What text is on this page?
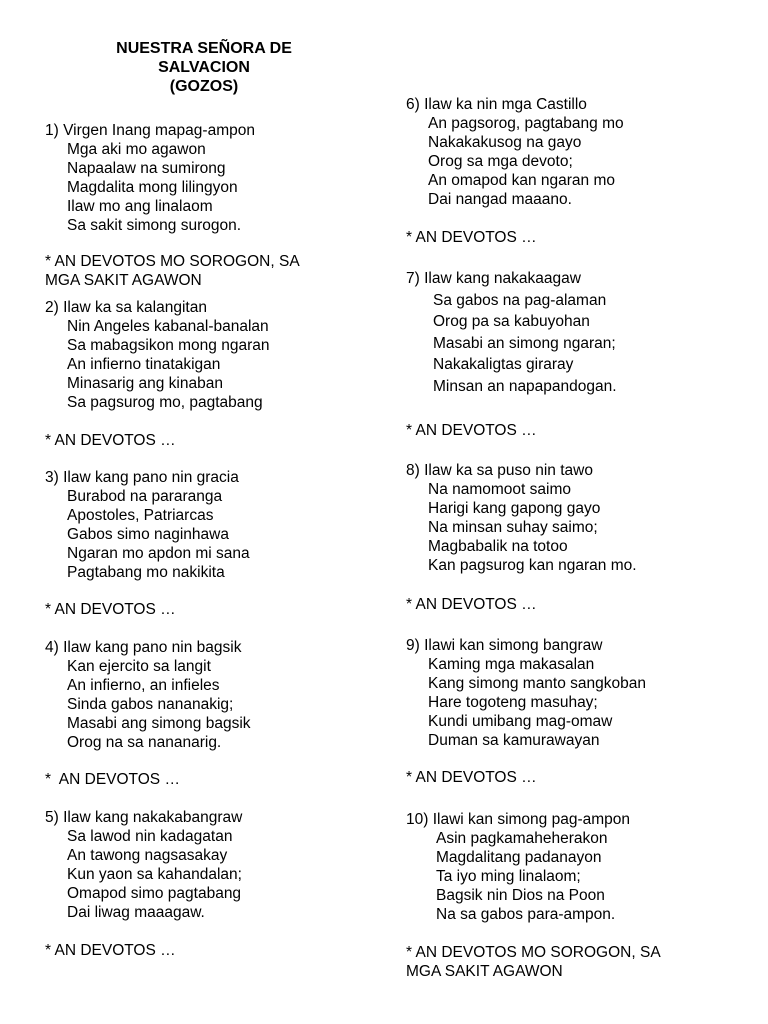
NUESTRA SEÑORA DE
SALVACION
(GOZOS)
1) Virgen Inang mapag-ampon
Mga aki mo agawon
Napaalaw na sumirong
Magdalita mong lilingyon
Ilaw mo ang linalaom
Sa sakit simong surogon.
* AN DEVOTOS MO SOROGON, SA
MGA SAKIT AGAWON
2) Ilaw ka sa kalangitan
Nin Angeles kabanal-banalan
Sa mabagsikon mong ngaran
An infierno tinatakigan
Minasarig ang kinaban
Sa pagsurog mo, pagtabang
* AN DEVOTOS …
3) Ilaw kang pano nin gracia
Burabod na pararanga
Apostoles, Patriarcas
Gabos simo naginhawa
Ngaran mo apdon mi sana
Pagtabang mo nakikita
* AN DEVOTOS …
4) Ilaw kang pano nin bagsik
Kan ejercito sa langit
An infierno, an infieles
Sinda gabos nananakig;
Masabi ang simong bagsik
Orog na sa nananarig.
*  AN DEVOTOS …
5) Ilaw kang nakakabangraw
Sa lawod nin kadagatan
An tawong nagsasakay
Kun yaon sa kahandalan;
Omapod simo pagtabang
Dai liwag maaagaw.
* AN DEVOTOS …
6) Ilaw ka nin mga Castillo
An pagsorog, pagtabang mo
Nakakakusog na gayo
Orog sa mga devoto;
An omapod kan ngaran mo
Dai nangad maaano.
* AN DEVOTOS …
7) Ilaw kang nakakaagaw
Sa gabos na pag-alaman
Orog pa sa kabuyohan
Masabi an simong ngaran;
Nakakaligtas giraray
Minsan an napapandogan.
* AN DEVOTOS …
8) Ilaw ka sa puso nin tawo
Na namomoot saimo
Harigi kang gapong gayo
Na minsan suhay saimo;
Magbabalik na totoo
Kan pagsurog kan ngaran mo.
* AN DEVOTOS …
9) Ilawi kan simong bangraw
Kaming mga makasalan
Kang simong manto sangkoban
Hare togoteng masuhay;
Kundi umibang mag-omaw
Duman sa kamurawayan
* AN DEVOTOS …
10) Ilawi kan simong pag-ampon
Asin pagkamaheherakon
Magdalitang padanayon
Ta iyo ming linalaom;
Bagsik nin Dios na Poon
Na sa gabos para-ampon.
* AN DEVOTOS MO SOROGON, SA
MGA SAKIT AGAWON
